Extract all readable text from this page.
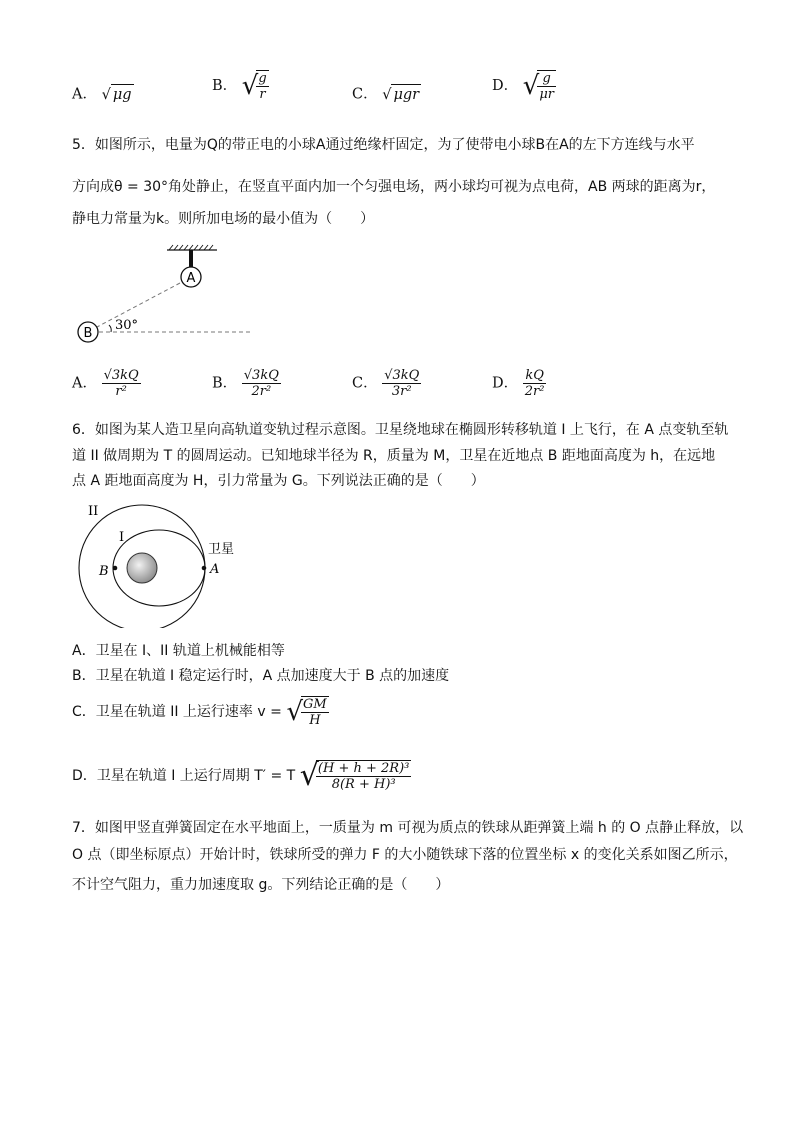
A． √ μg
B． √
$\frac{g}{r}$	C． √ μgr
D． √
$\frac{g}{\mu r}$
5．如图所示，电量为Q的带正电的小球A通过绝缘杆固定，为了使带电小球B在A的左下方连线与水平
方向成θ = 30°角处静止，在竖直平面内加一个匀强电场，两小球均可视为点电荷，AB 两球的距离为r，
静电力常量为k。则所加电场的最小值为（　　）
A
B
30°
A． $\frac{√3kQ}{\text{r²}}$	B． $\frac{√3kQ}{\text{2r²}}$	C． $\frac{√3kQ}{\text{3r²}}$	D． $\frac{kQ}{\text{2r²}}$
6．如图为某人造卫星向高轨道变轨过程示意图。卫星绕地球在椭圆形转移轨道 I 上飞行，在 A 点变轨至轨
道 II 做周期为 T 的圆周运动。已知地球半径为 R，质量为 M，卫星在近地点 B 距地面高度为 h，在远地
点 A 距地面高度为 H，引力常量为 G。下列说法正确的是（　　）
II
I
卫星
B	A
A．卫星在 I、II 轨道上机械能相等
B．卫星在轨道 I 稳定运行时，A 点加速度大于 B 点的加速度
C．卫星在轨道 II 上运行速率 v = √
$\frac{GM}{H}$
D．卫星在轨道 I 上运行周期 T′ = T √
$\frac{\text{(H + h + 2R)³}}{\text{8(R + H)³}}$
7．如图甲竖直弹簧固定在水平地面上，一质量为 m 可视为质点的铁球从距弹簧上端 h 的 O 点静止释放，以
O 点（即坐标原点）开始计时，铁球所受的弹力 F 的大小随铁球下落的位置坐标 x 的变化关系如图乙所示，
不计空气阻力，重力加速度取 g。下列结论正确的是（　　）
